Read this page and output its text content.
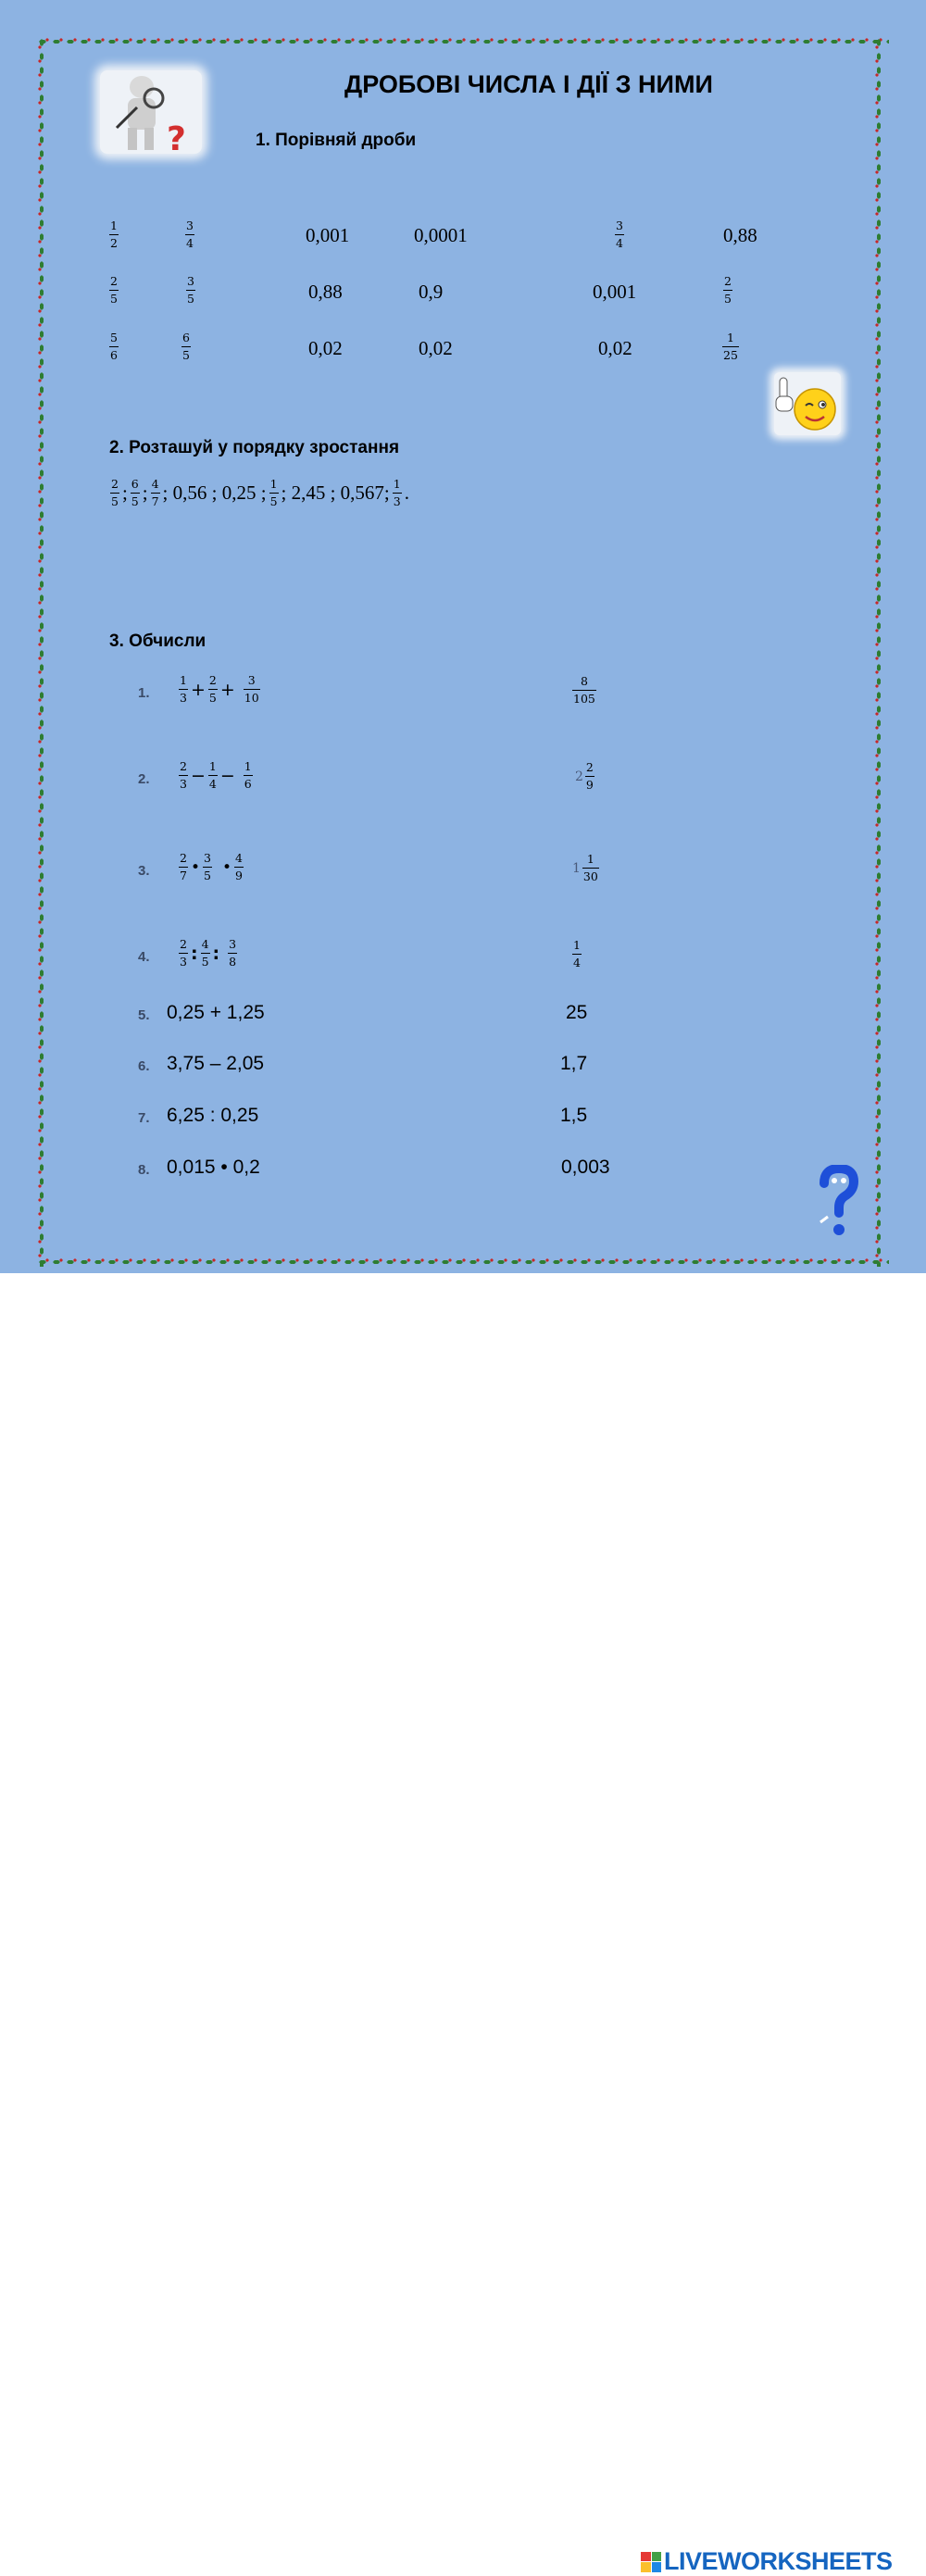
?
ДРОБОВІ ЧИСЛА І ДІЇ З НИМИ
1. Порівняй дроби
$\frac{1}{2}$	$\frac{3}{4}$	0,001	0,0001	$\frac{3}{4}$	0,88
$\frac{2}{5}$	$\frac{3}{5}$	0,88	0,9	0,001	$\frac{2}{5}$
$\frac{5}{6}$	$\frac{6}{5}$	0,02	0,02	0,02	$\frac{1}{25}$
2. Розташуй у порядку зростання
$\frac{2}{5}$ ; $\frac{6}{5}$ ; $\frac{4}{7}$ ; 0,56 ; 0,25 ; $\frac{1}{5}$ ; 2,45 ; 0,567; $\frac{1}{3}$ .
3. Обчисли
1.	$\frac{1}{3} + \frac{2}{5} + \frac{3}{10}$	$\frac{8}{105}$
2.	$\frac{2}{3} - \frac{1}{4} - \frac{1}{6}$	$2 \frac{2}{9}$
3.	$\frac{2}{7}$ • $\frac{3}{5}$ • $\frac{4}{9}$	$1 \frac{1}{30}$
4.	$\frac{2}{3}$ : $\frac{4}{5}$ : $\frac{3}{8}$	$\frac{1}{4}$
5. 0,25 + 1,25	25
6. 3,75 – 2,05	1,7
7. 6,25 : 0,25	1,5
8. 0,015 • 0,2	0,003
LIVEWORKSHEETS
